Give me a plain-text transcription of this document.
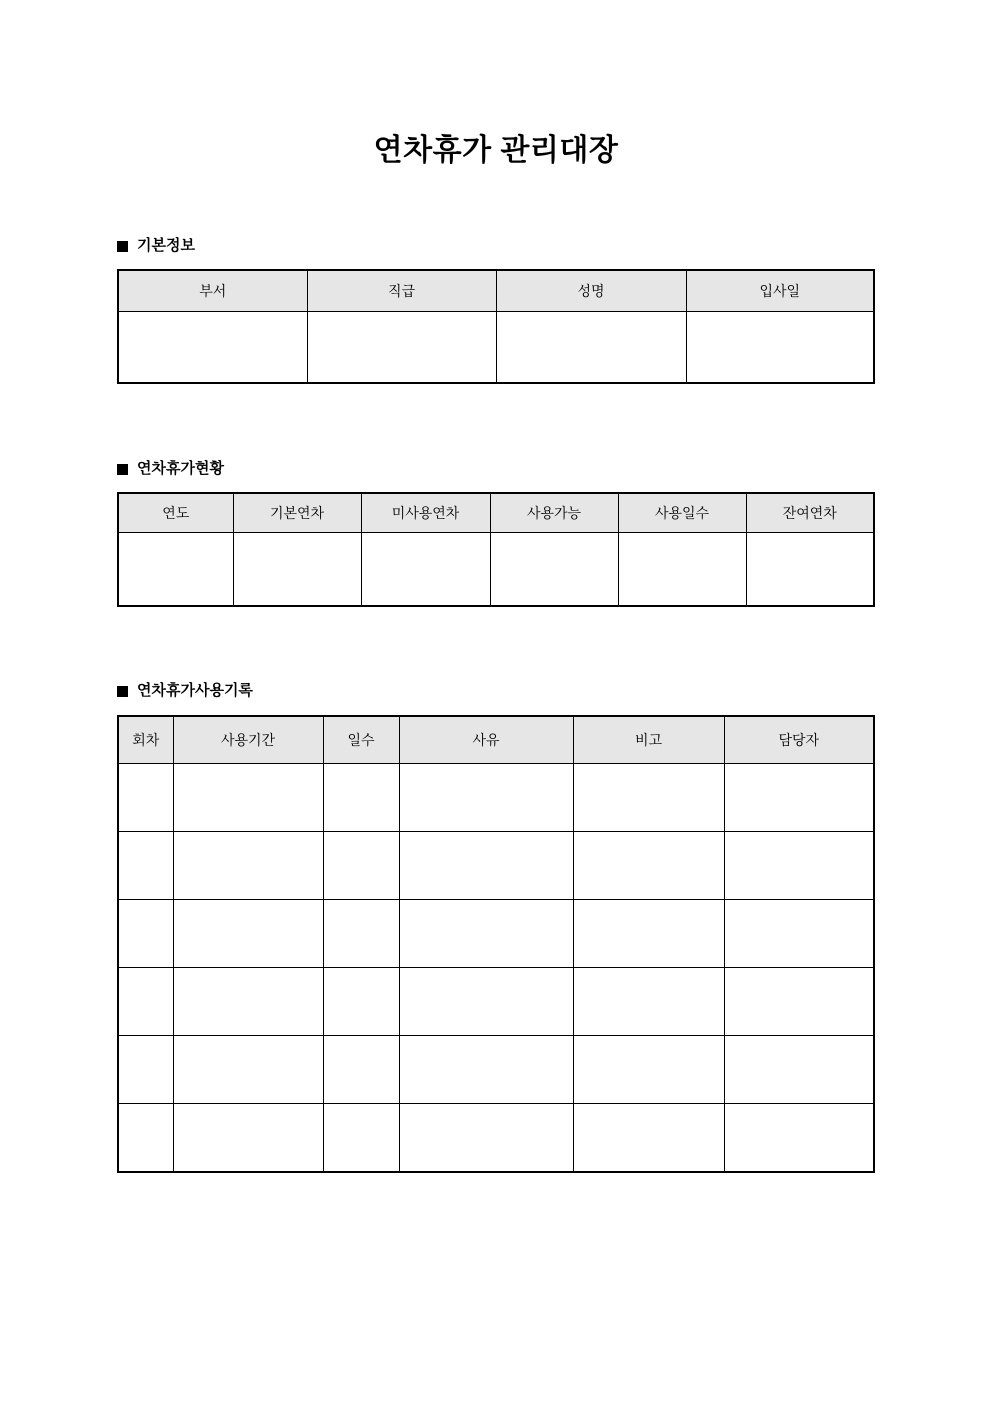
연차휴가 관리대장
기본정보
부서	직급	성명	입사일

연차휴가현황
연도	기본연차	미사용연차	사용가능	사용일수	잔여연차

연차휴가사용기록
회차	사용기간	일수	사유	비고	담당자
